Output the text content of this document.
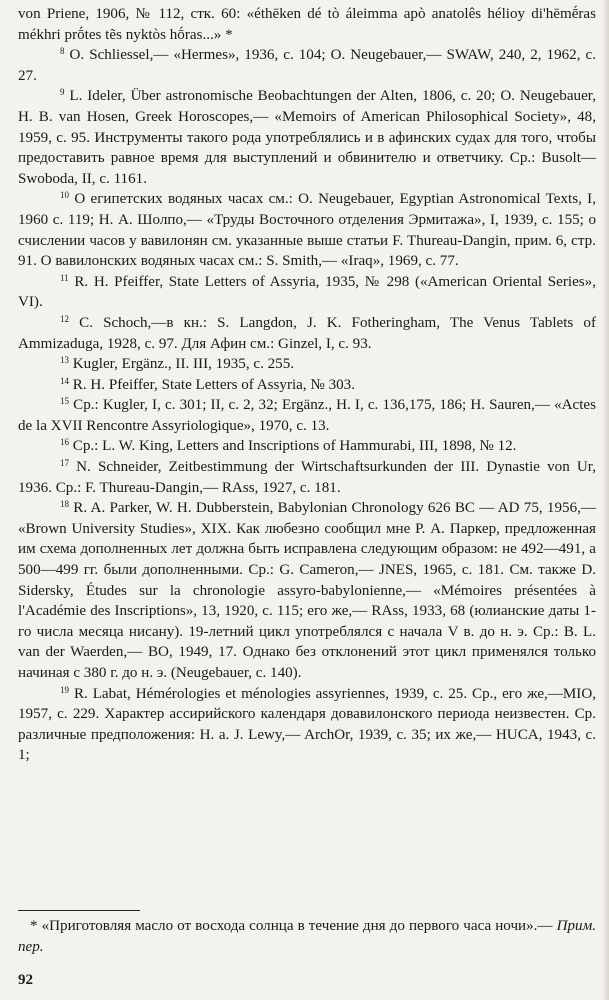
von Priene, 1906, № 112, стк. 60: «éthēken dé tò áleimma apò anatolês hélioy di'hēmḗras mékhri prṓtes tẽs nyktòs hṓras...» *

$^8$ O. Schliessel,— «Hermes», 1936, c. 104; O. Neugebauer,— SWAW, 240, 2, 1962, c. 27.

$^9$ L. Ideler, Über astronomische Beobachtungen der Alten, 1806, c. 20; O. Neugebauer, H. B. van Hosen, Greek Horoscopes,— «Memoirs of American Philosophical Society», 48, 1959, c. 95. Инструменты такого рода употреблялись и в афинских судах для того, чтобы предоставить равное время для выступлений и обвинителю и ответчику. Ср.: Busolt—Swoboda, II, c. 1161.

$^{10}$ О египетских водяных часах см.: O. Neugebauer, Egyptian Astronomical Texts, I, 1960 c. 119; Н. А. Шолпо,— «Труды Восточного отделения Эрмитажа», I, 1939, c. 155; о счислении часов у вавилонян см. указанные выше статьи F. Thureau-Dangin, прим. 6, стр. 91. О вавилонских водяных часах см.: S. Smith,— «Iraq», 1969, c. 77.

$^{11}$ R. H. Pfeiffer, State Letters of Assyria, 1935, № 298 («American Oriental Series», VI).

$^{12}$ C. Schoch,—в кн.: S. Langdon, J. K. Fotheringham, The Venus Tablets of Ammizaduga, 1928, c. 97. Для Афин см.: Ginzel, I, c. 93.

$^{13}$ Kugler, Ergänz., II. III, 1935, c. 255.

$^{14}$ R. H. Pfeiffer, State Letters of Assyria, № 303.

$^{15}$ Cp.: Kugler, I, c. 301; II, c. 2, 32; Ergänz., H. I, c. 136,175, 186; H. Sauren,— «Actes de la XVII Rencontre Assyriologique», 1970, c. 13.

$^{16}$ Cp.: L. W. King, Letters and Inscriptions of Hammurabi, III, 1898, № 12.

$^{17}$ N. Schneider, Zeitbestimmung der Wirtschaftsurkunden der III. Dynastie von Ur, 1936. Cp.: F. Thureau-Dangin,— RAss, 1927, c. 181.

$^{18}$ R. A. Parker, W. H. Dubberstein, Babylonian Chronology 626 BC — AD 75, 1956,— «Brown University Studies», XIX. Как любезно сообщил мне Р. А. Паркер, предложенная им схема дополненных лет должна быть исправлена следующим образом: не 492—491, а 500—499 гг. были дополненными. Ср.: G. Cameron,— JNES, 1965, c. 181. См. также D. Sidersky, Études sur la chronologie assyro-babylonienne,— «Mémoires présentées à l'Académie des Inscriptions», 13, 1920, c. 115; его же,— RAss, 1933, 68 (юлианские даты 1-го числа месяца нисану). 19-летний цикл употреблялся с начала V в. до н. э. Ср.: B. L. van der Waerden,— BO, 1949, 17. Однако без отклонений этот цикл применялся только начиная с 380 г. до н. э. (Neugebauer, c. 140).

$^{19}$ R. Labat, Hémérologies et ménologies assyriennes, 1939, c. 25. Cp., его же,—MIO, 1957, c. 229. Характер ассирийского календаря довавилонского периода неизвестен. Ср. различные предположения: Н. а. J. Lewy,— ArchOr, 1939, c. 35; их же,— HUCA, 1943, c. 1;

* «Приготовляя масло от восхода солнца в течение дня до первого часа ночи».— Прим. пер.
92
